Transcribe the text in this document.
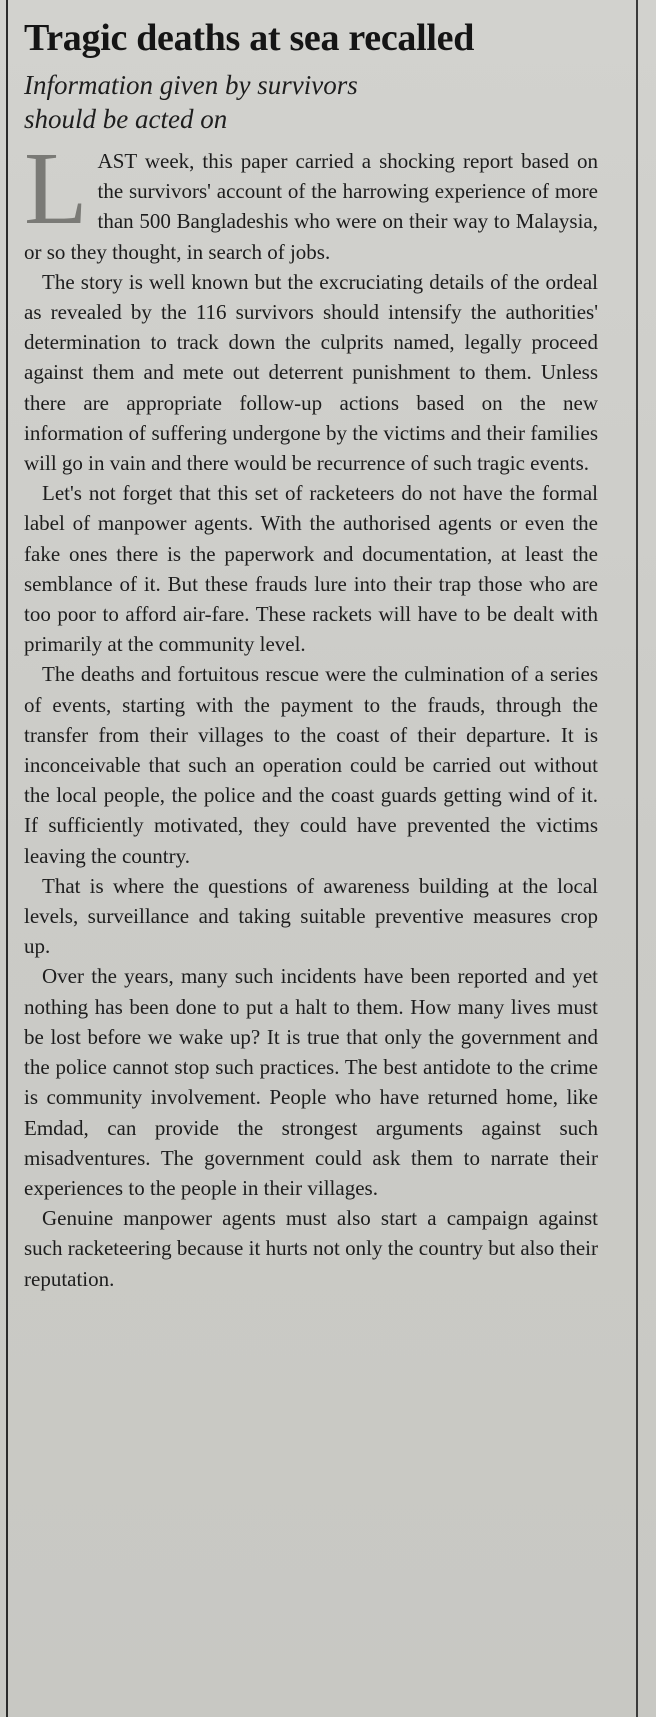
Tragic deaths at sea recalled
Information given by survivors
should be acted on

LAST week, this paper carried a shocking report based on the survivors' account of the harrowing experience of more than 500 Bangladeshis who were on their way to Malaysia, or so they thought, in search of jobs.

The story is well known but the excruciating details of the ordeal as revealed by the 116 survivors should intensify the authorities' determination to track down the culprits named, legally proceed against them and mete out deterrent punishment to them. Unless there are appropriate follow-up actions based on the new information of suffering undergone by the victims and their families will go in vain and there would be recurrence of such tragic events.

Let's not forget that this set of racketeers do not have the formal label of manpower agents. With the authorised agents or even the fake ones there is the paperwork and documentation, at least the semblance of it. But these frauds lure into their trap those who are too poor to afford air-fare. These rackets will have to be dealt with primarily at the community level.

The deaths and fortuitous rescue were the culmination of a series of events, starting with the payment to the frauds, through the transfer from their villages to the coast of their departure. It is inconceivable that such an operation could be carried out without the local people, the police and the coast guards getting wind of it. If sufficiently motivated, they could have prevented the victims leaving the country.

That is where the questions of awareness building at the local levels, surveillance and taking suitable preventive measures crop up.

Over the years, many such incidents have been reported and yet nothing has been done to put a halt to them. How many lives must be lost before we wake up? It is true that only the government and the police cannot stop such practices. The best antidote to the crime is community involvement. People who have returned home, like Emdad, can provide the strongest arguments against such misadventures. The government could ask them to narrate their experiences to the people in their villages.

Genuine manpower agents must also start a campaign against such racketeering because it hurts not only the country but also their reputation.
